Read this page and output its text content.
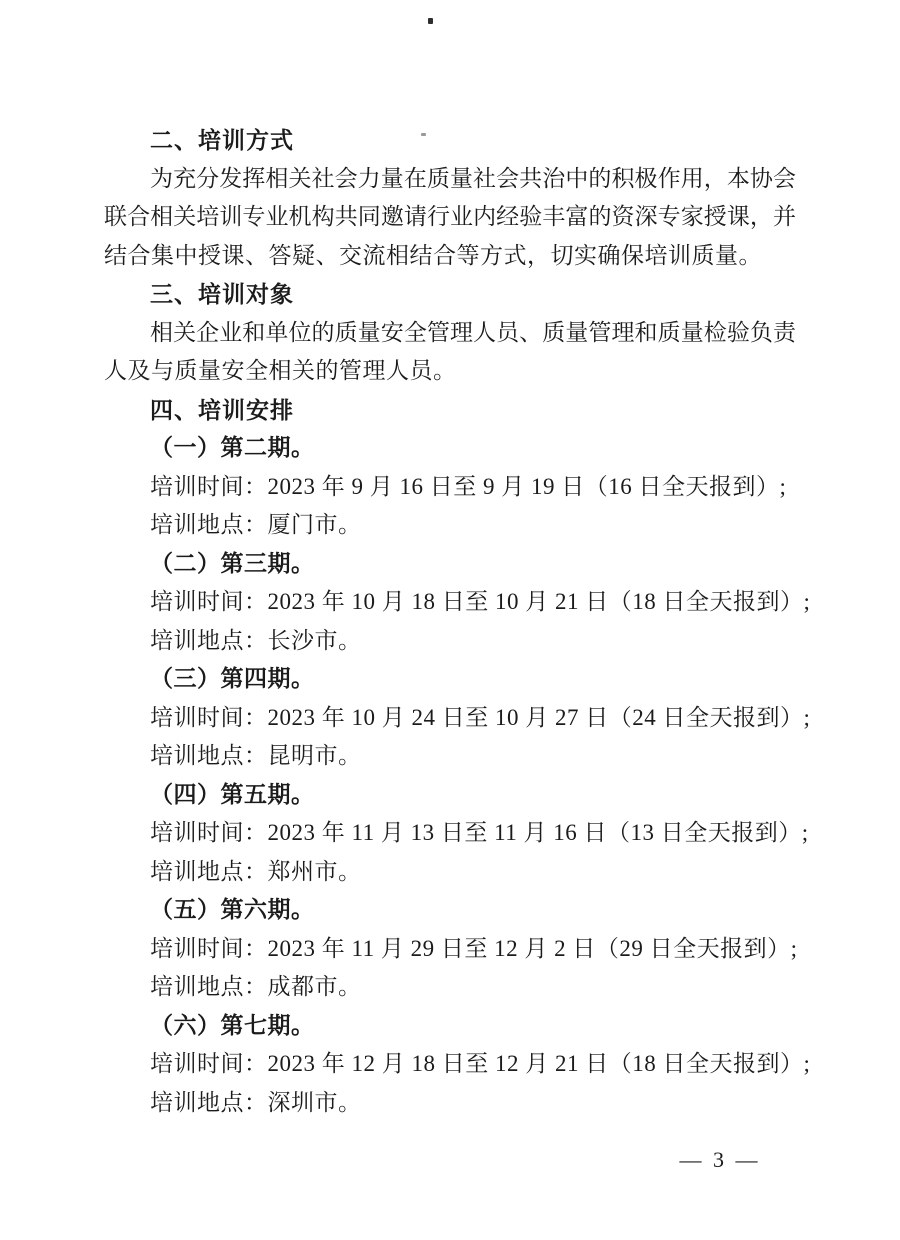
二、培训方式
为充分发挥相关社会力量在质量社会共治中的积极作用，本协会
联合相关培训专业机构共同邀请行业内经验丰富的资深专家授课，并
结合集中授课、答疑、交流相结合等方式，切实确保培训质量。
三、培训对象
相关企业和单位的质量安全管理人员、质量管理和质量检验负责
人及与质量安全相关的管理人员。
四、培训安排
（一）第二期。
培训时间：2023 年 9 月 16 日至 9 月 19 日（16 日全天报到）;
培训地点：厦门市。
（二）第三期。
培训时间：2023 年 10 月 18 日至 10 月 21 日（18 日全天报到）;
培训地点：长沙市。
（三）第四期。
培训时间：2023 年 10 月 24 日至 10 月 27 日（24 日全天报到）;
培训地点：昆明市。
（四）第五期。
培训时间：2023 年 11 月 13 日至 11 月 16 日（13 日全天报到）;
培训地点：郑州市。
（五）第六期。
培训时间：2023 年 11 月 29 日至 12 月 2 日（29 日全天报到）;
培训地点：成都市。
（六）第七期。
培训时间：2023 年 12 月 18 日至 12 月 21 日（18 日全天报到）;
培训地点：深圳市。
— 3 —
